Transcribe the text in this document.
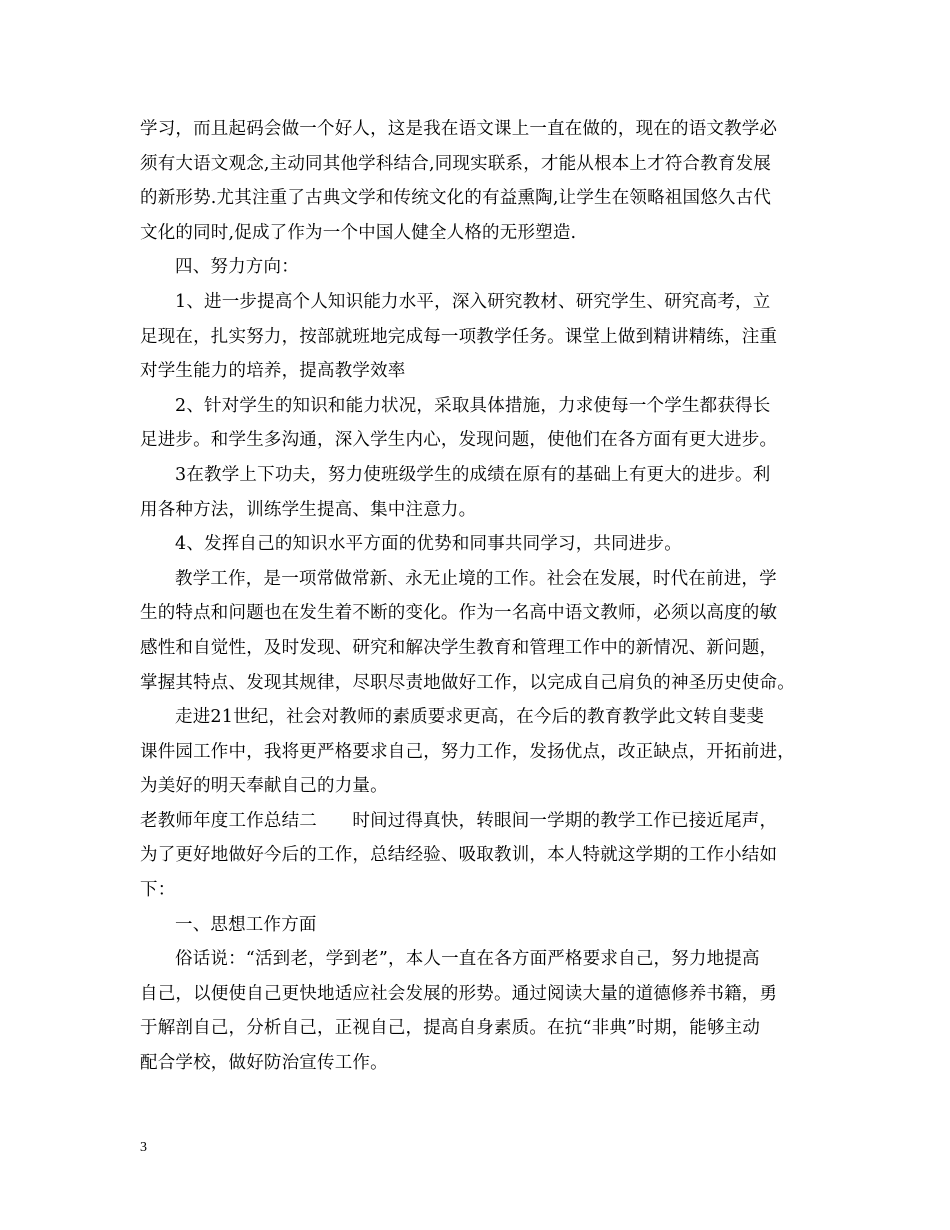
学习，而且起码会做一个好人，这是我在语文课上一直在做的，现在的语文教学必
须有大语文观念,主动同其他学科结合,同现实联系，才能从根本上才符合教育发展
的新形势.尤其注重了古典文学和传统文化的有益熏陶,让学生在领略祖国悠久古代
文化的同时,促成了作为一个中国人健全人格的无形塑造.
四、努力方向：
1、进一步提高个人知识能力水平，深入研究教材、研究学生、研究高考，立
足现在，扎实努力，按部就班地完成每一项教学任务。课堂上做到精讲精练，注重
对学生能力的培养，提高教学效率
2、针对学生的知识和能力状况，采取具体措施，力求使每一个学生都获得长
足进步。和学生多沟通，深入学生内心，发现问题，使他们在各方面有更大进步。
3在教学上下功夫，努力使班级学生的成绩在原有的基础上有更大的进步。利
用各种方法，训练学生提高、集中注意力。
4、发挥自己的知识水平方面的优势和同事共同学习，共同进步。
教学工作，是一项常做常新、永无止境的工作。社会在发展，时代在前进，学
生的特点和问题也在发生着不断的变化。作为一名高中语文教师，必须以高度的敏
感性和自觉性，及时发现、研究和解决学生教育和管理工作中的新情况、新问题，
掌握其特点、发现其规律，尽职尽责地做好工作，以完成自己肩负的神圣历史使命。
走进21世纪，社会对教师的素质要求更高，在今后的教育教学此文转自斐斐
课件园工作中，我将更严格要求自己，努力工作，发扬优点，改正缺点，开拓前进，
为美好的明天奉献自己的力量。
老教师年度工作总结二　　时间过得真快，转眼间一学期的教学工作已接近尾声，
为了更好地做好今后的工作，总结经验、吸取教训，本人特就这学期的工作小结如
下：
一、思想工作方面
俗话说：“活到老，学到老”，本人一直在各方面严格要求自己，努力地提高
自己，以便使自己更快地适应社会发展的形势。通过阅读大量的道德修养书籍，勇
于解剖自己，分析自己，正视自己，提高自身素质。在抗“非典”时期，能够主动
配合学校，做好防治宣传工作。
3
